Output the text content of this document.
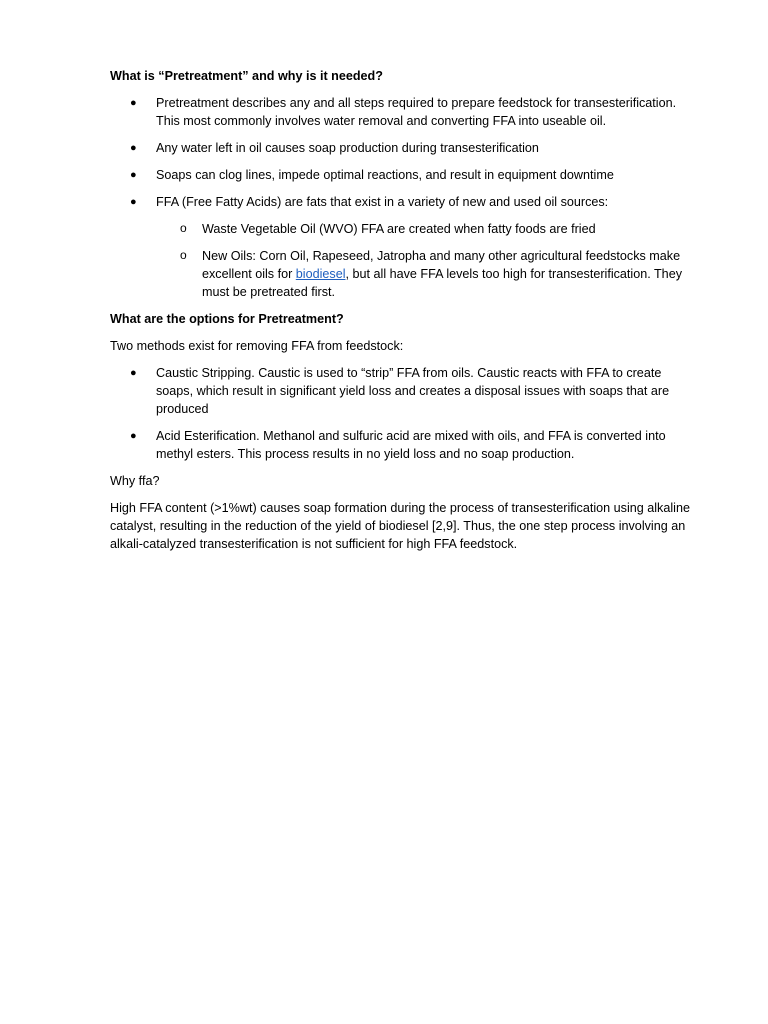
What is “Pretreatment” and why is it needed?

● Pretreatment describes any and all steps required to prepare feedstock for transesterification. This most commonly involves water removal and converting FFA into useable oil.
● Any water left in oil causes soap production during transesterification
● Soaps can clog lines, impede optimal reactions, and result in equipment downtime
● FFA (Free Fatty Acids) are fats that exist in a variety of new and used oil sources:
o Waste Vegetable Oil (WVO) FFA are created when fatty foods are fried
o New Oils: Corn Oil, Rapeseed, Jatropha and many other agricultural feedstocks make excellent oils for biodiesel, but all have FFA levels too high for transesterification. They must be pretreated first.

What are the options for Pretreatment?

Two methods exist for removing FFA from feedstock:

● Caustic Stripping. Caustic is used to “strip” FFA from oils. Caustic reacts with FFA to create soaps, which result in significant yield loss and creates a disposal issues with soaps that are produced
● Acid Esterification. Methanol and sulfuric acid are mixed with oils, and FFA is converted into methyl esters. This process results in no yield loss and no soap production.

Why ffa?

High FFA content (>1%wt) causes soap formation during the process of transesterification using alkaline catalyst, resulting in the reduction of the yield of biodiesel [2,9]. Thus, the one step process involving an alkali-catalyzed transesterification is not sufficient for high FFA feedstock.
